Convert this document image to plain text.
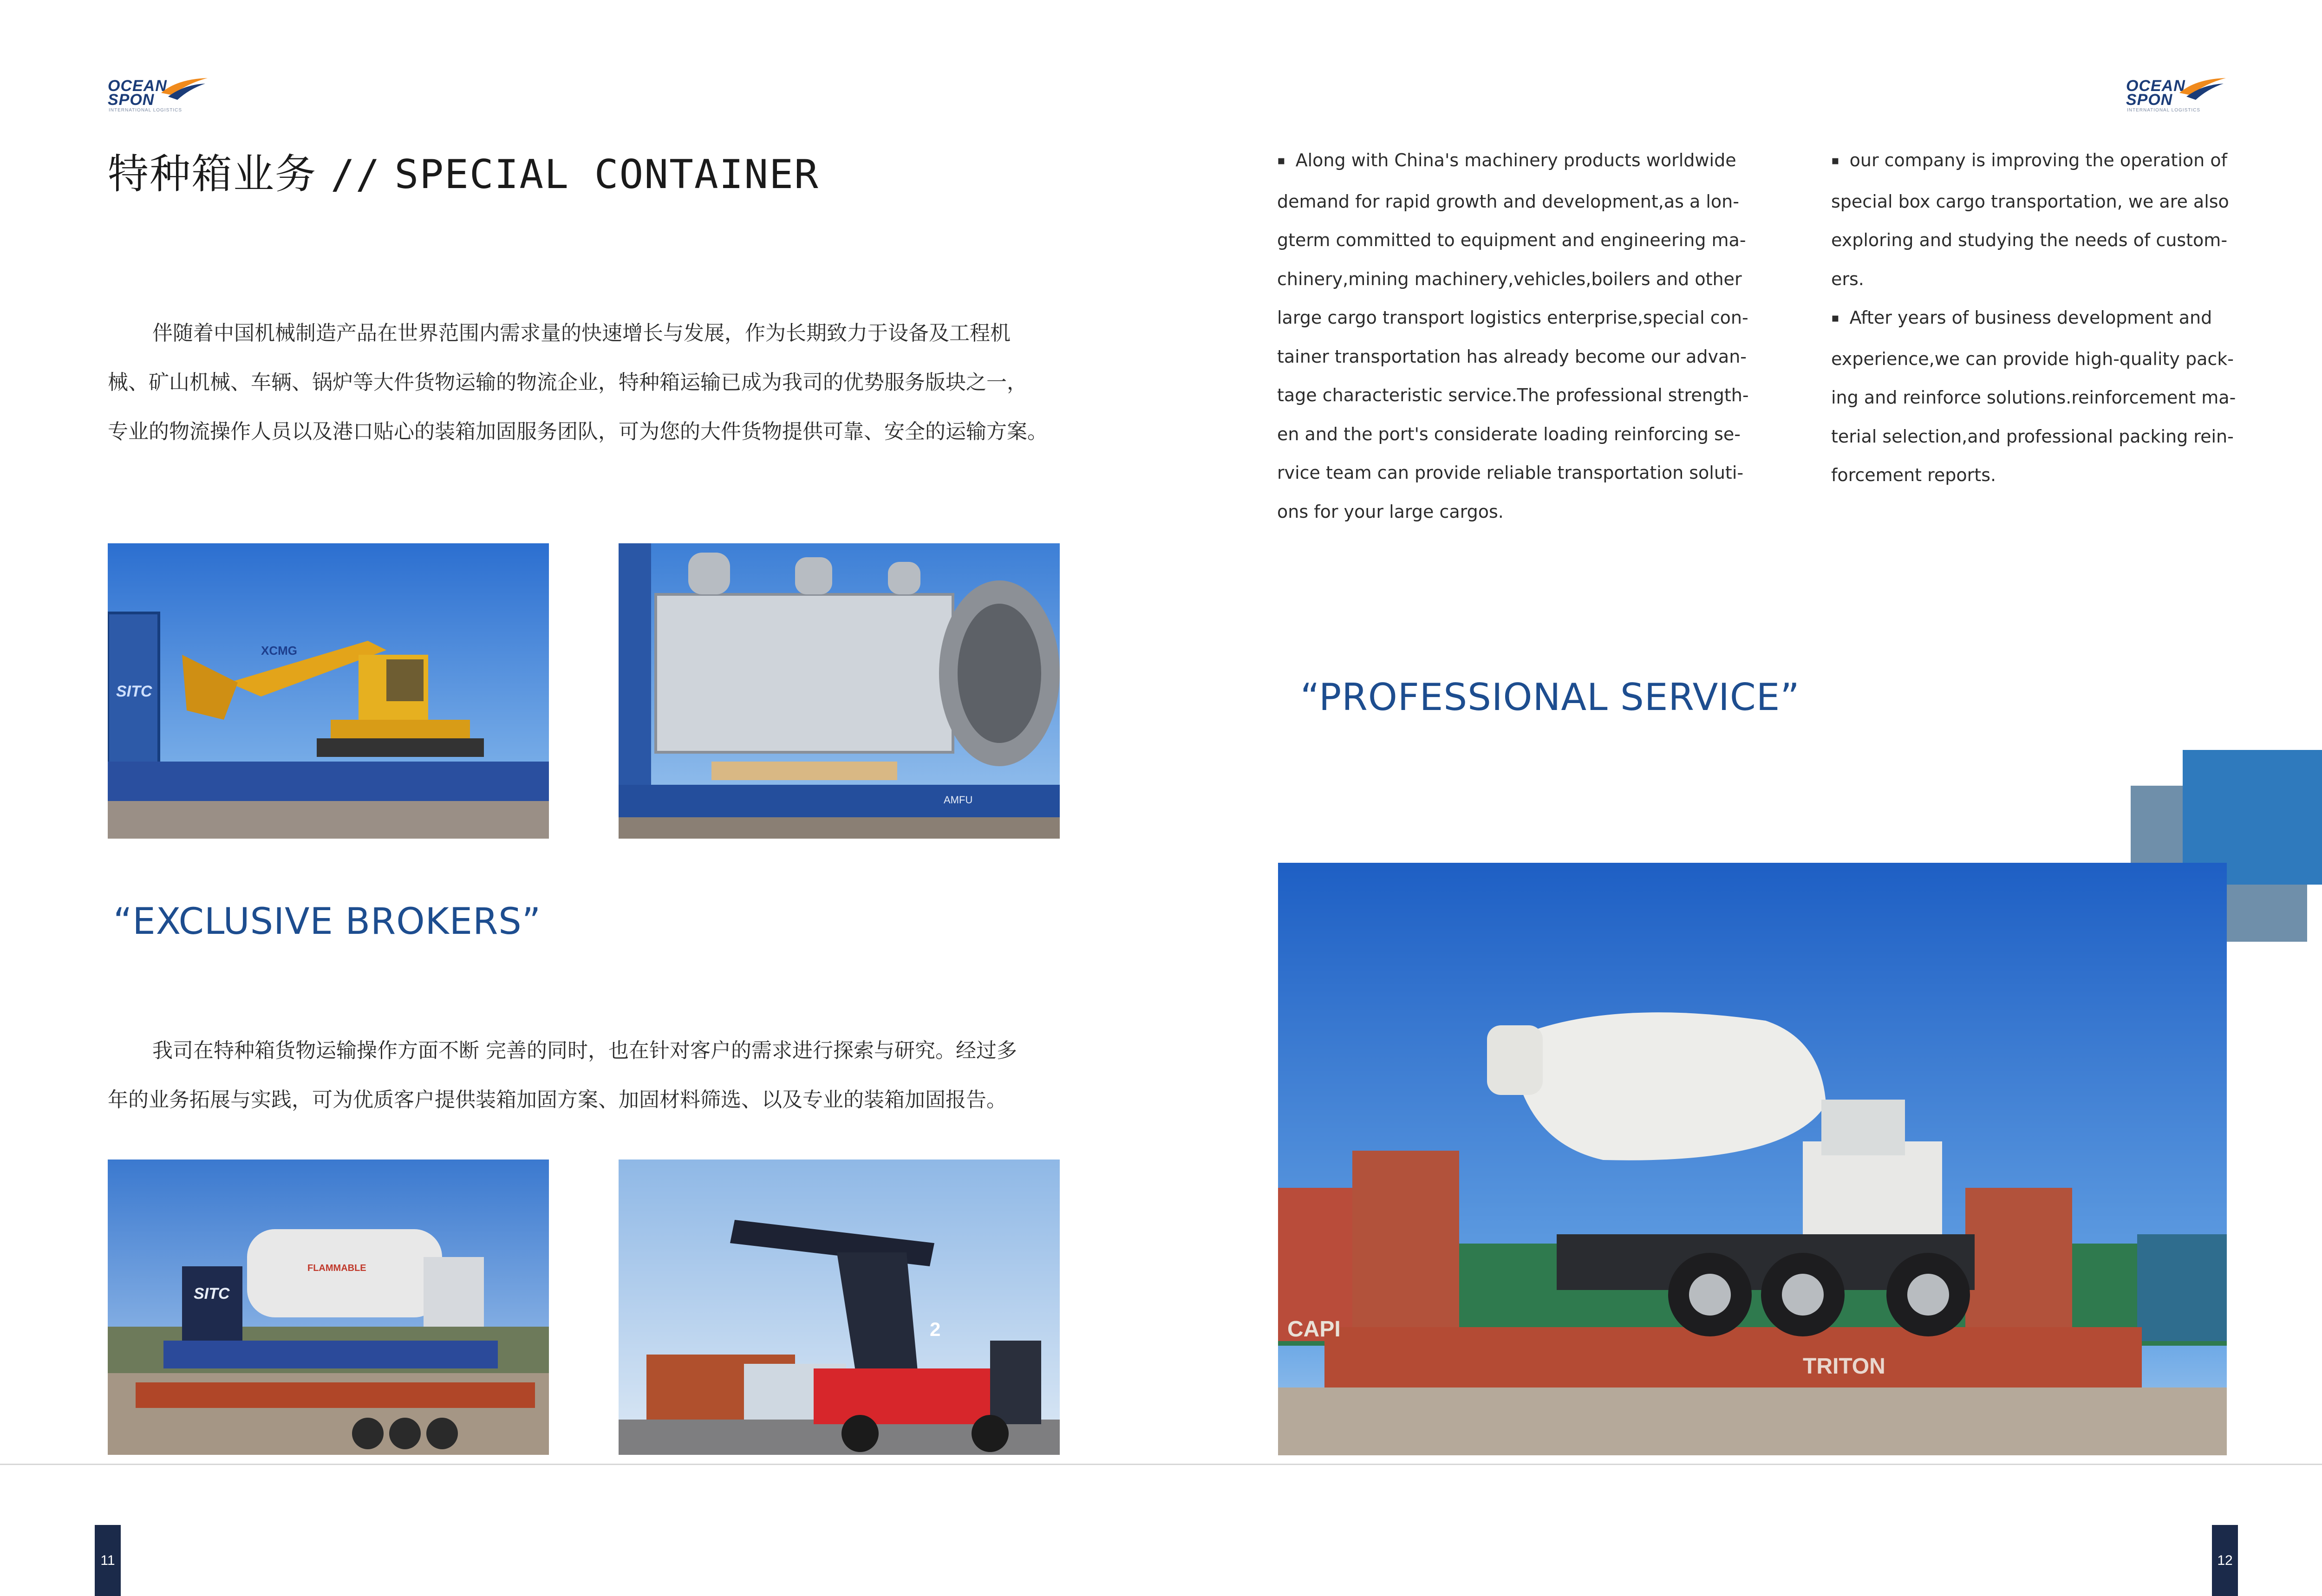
OCEAN
SPON
INTERNATIONAL LOGISTICS
特种箱业务 // SPECIAL CONTAINER
伴随着中国机械制造产品在世界范围内需求量的快速增长与发展，作为长期致力于设备及工程机
械、矿山机械、车辆、锅炉等大件货物运输的物流企业，特种箱运输已成为我司的优势服务版块之一，
专业的物流操作人员以及港口贴心的装箱加固服务团队，可为您的大件货物提供可靠、安全的运输方案。
XCMG
SITC
AMFU
“EXCLUSIVE BROKERS”
我司在特种箱货物运输操作方面不断 完善的同时，也在针对客户的需求进行探索与研究。经过多
年的业务拓展与实践，可为优质客户提供装箱加固方案、加固材料筛选、以及专业的装箱加固报告。
SITC
FLAMMABLE
2
OCEAN
SPON
INTERNATIONAL LOGISTICS
▪ Along with China's machinery products worldwide
demand for rapid growth and development,as a lon-
gterm committed to equipment and engineering ma-
chinery,mining machinery,vehicles,boilers and other
large cargo transport logistics enterprise,special con-
tainer transportation has already become our advan-
tage characteristic service.The professional strength-
en and the port's considerate loading reinforcing se-
rvice team can provide reliable transportation soluti-
ons for your large cargos.
▪ our company is improving the operation of
special box cargo transportation, we are also
exploring and studying the needs of custom-
ers.
▪ After years of business development and
experience,we can provide high-quality pack-
ing and reinforce solutions.reinforcement ma-
terial selection,and professional packing rein-
forcement reports.
“PROFESSIONAL SERVICE”
CAPI
TRITON
11	12
